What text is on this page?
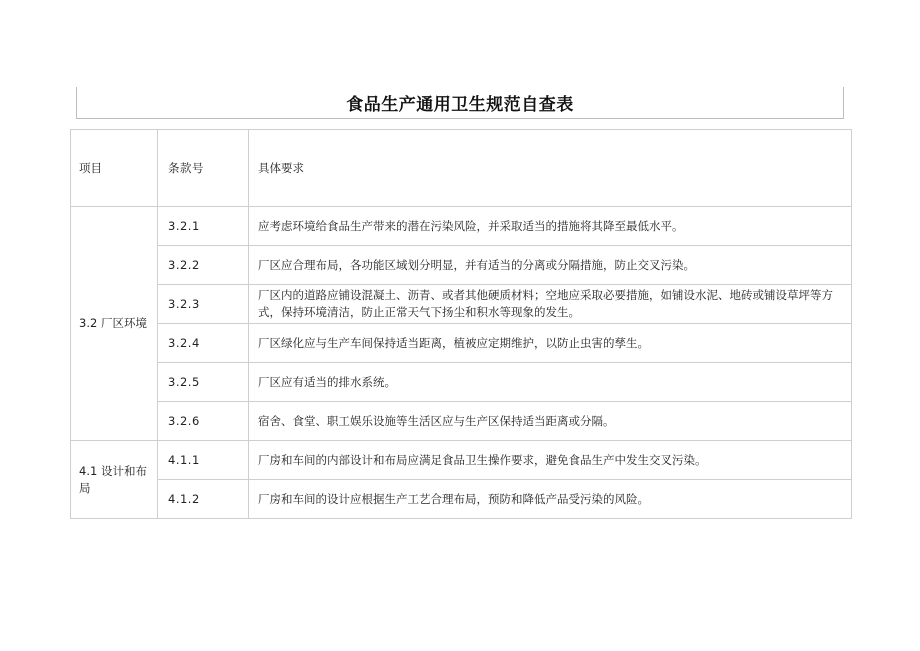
食品生产通用卫生规范自查表
项目	条款号	具体要求
3.2 厂区环境	3.2.1	应考虑环境给食品生产带来的潜在污染风险，并采取适当的措施将其降至最低水平。
	3.2.2	厂区应合理布局，各功能区域划分明显，并有适当的分离或分隔措施，防止交叉污染。
	3.2.3	厂区内的道路应铺设混凝土、沥青、或者其他硬质材料；空地应采取必要措施，如铺设水泥、地砖或铺设草坪等方式，保持环境清洁，防止正常天气下扬尘和积水等现象的发生。
	3.2.4	厂区绿化应与生产车间保持适当距离，植被应定期维护，以防止虫害的孳生。
	3.2.5	厂区应有适当的排水系统。
	3.2.6	宿舍、食堂、职工娱乐设施等生活区应与生产区保持适当距离或分隔。
4.1 设计和布局	4.1.1	厂房和车间的内部设计和布局应满足食品卫生操作要求，避免食品生产中发生交叉污染。
	4.1.2	厂房和车间的设计应根据生产工艺合理布局，预防和降低产品受污染的风险。
